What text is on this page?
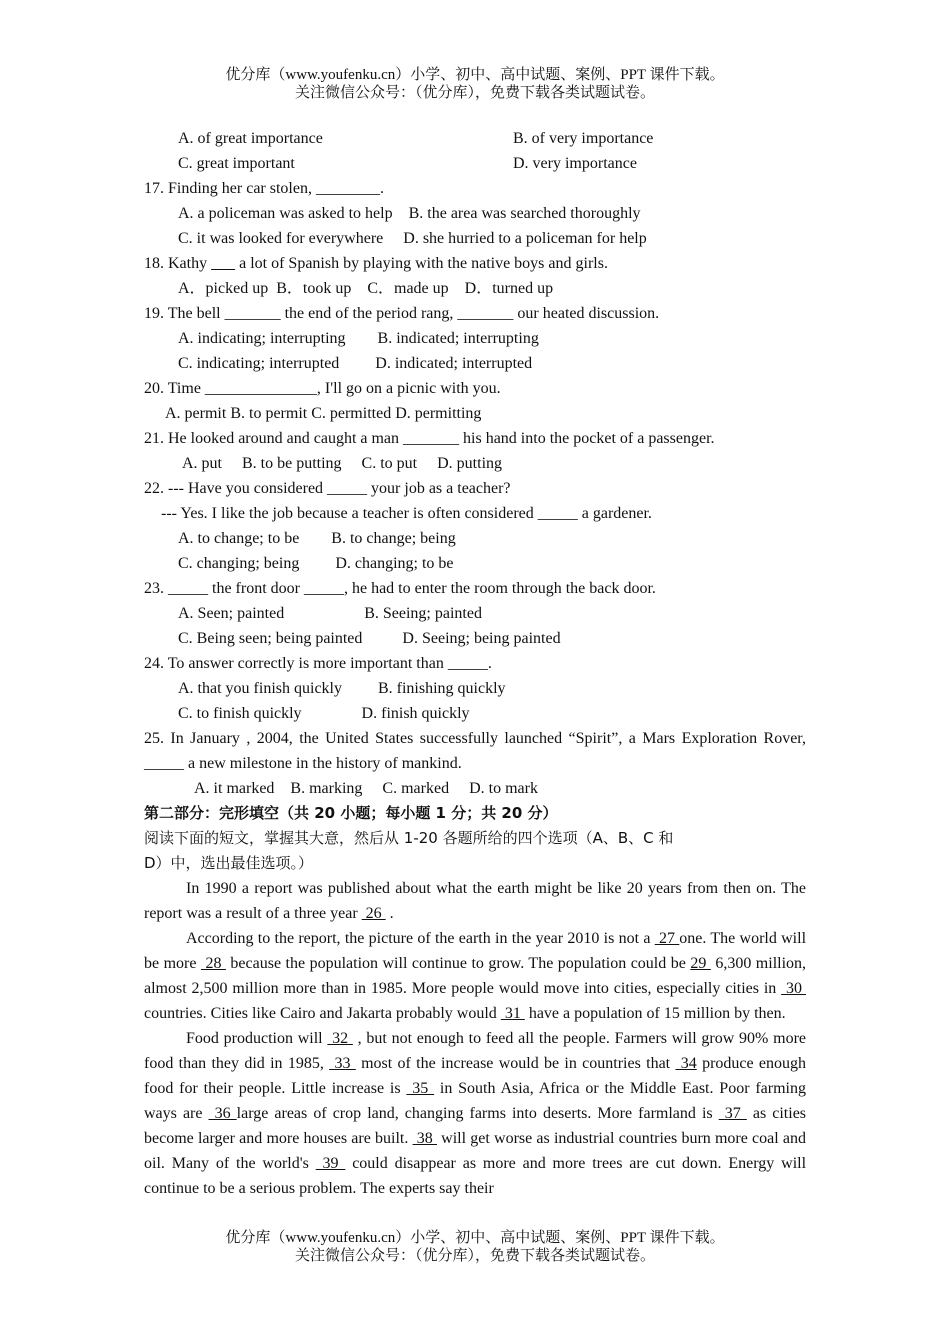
优分库（www.youfenku.cn）小学、初中、高中试题、案例、PPT 课件下载。
关注微信公众号：（优分库），免费下载各类试题试卷。
A. of great importance	B. of very importance
C. great important	D. very importance
17. Finding her car stolen, ________.
A. a policeman was asked to help    B. the area was searched thoroughly
C. it was looked for everywhere     D. she hurried to a policeman for help
18. Kathy        a lot of Spanish by playing with the native boys and girls.
A．picked up  B．took up    C．made up    D．turned up
19. The bell _______ the end of the period rang, _______ our heated discussion.
A. indicating; interrupting        B. indicated; interrupting
C. indicating; interrupted         D. indicated; interrupted
20. Time ______________, I'll go on a picnic with you.
A. permit B. to permit C. permitted D. permitting
21. He looked around and caught a man _______ his hand into the pocket of a passenger.
A. put     B. to be putting     C. to put     D. putting
22. --- Have you considered _____ your job as a teacher?
--- Yes. I like the job because a teacher is often considered _____ a gardener.
A. to change; to be        B. to change; being
C. changing; being         D. changing; to be
23. _____ the front door _____, he had to enter the room through the back door.
A. Seen; painted                    B. Seeing; painted
C. Being seen; being painted          D. Seeing; being painted
24. To answer correctly is more important than _____.
A. that you finish quickly         B. finishing quickly
C. to finish quickly               D. finish quickly
25. In January , 2004, the United States successfully launched “Spirit”, a Mars Exploration Rover, _____ a new milestone in the history of mankind.
A. it marked    B. marking     C. marked     D. to mark
第二部分：完形填空（共 20 小题；每小题 1 分；共 20 分）
阅读下面的短文，掌握其大意，然后从 1-20 各题所给的四个选项（A、B、C 和
D）中，选出最佳选项。）
In 1990 a report was published about what the earth might be like 20 years from then on. The report was a result of a three year  26  .
According to the report, the picture of the earth in the year 2010 is not a  27 one. The world will be more  28  because the population will continue to grow. The population could be 29  6,300 million, almost 2,500 million more than in 1985. More people would move into cities, especially cities in  30  countries. Cities like Cairo and Jakarta probably would  31  have a population of 15 million by then.
Food production will  32  , but not enough to feed all the people. Farmers will grow 90% more food than they did in 1985,  33  most of the increase would be in countries that  34 produce enough food for their people. Little increase is  35  in South Asia, Africa or the Middle East. Poor farming ways are  36 large areas of crop land, changing farms into deserts. More farmland is  37  as cities become larger and more houses are built.  38  will get worse as industrial countries burn more coal and oil. Many of the world's  39  could disappear as more and more trees are cut down. Energy will continue to be a serious problem. The experts say their
优分库（www.youfenku.cn）小学、初中、高中试题、案例、PPT 课件下载。
关注微信公众号：（优分库），免费下载各类试题试卷。
